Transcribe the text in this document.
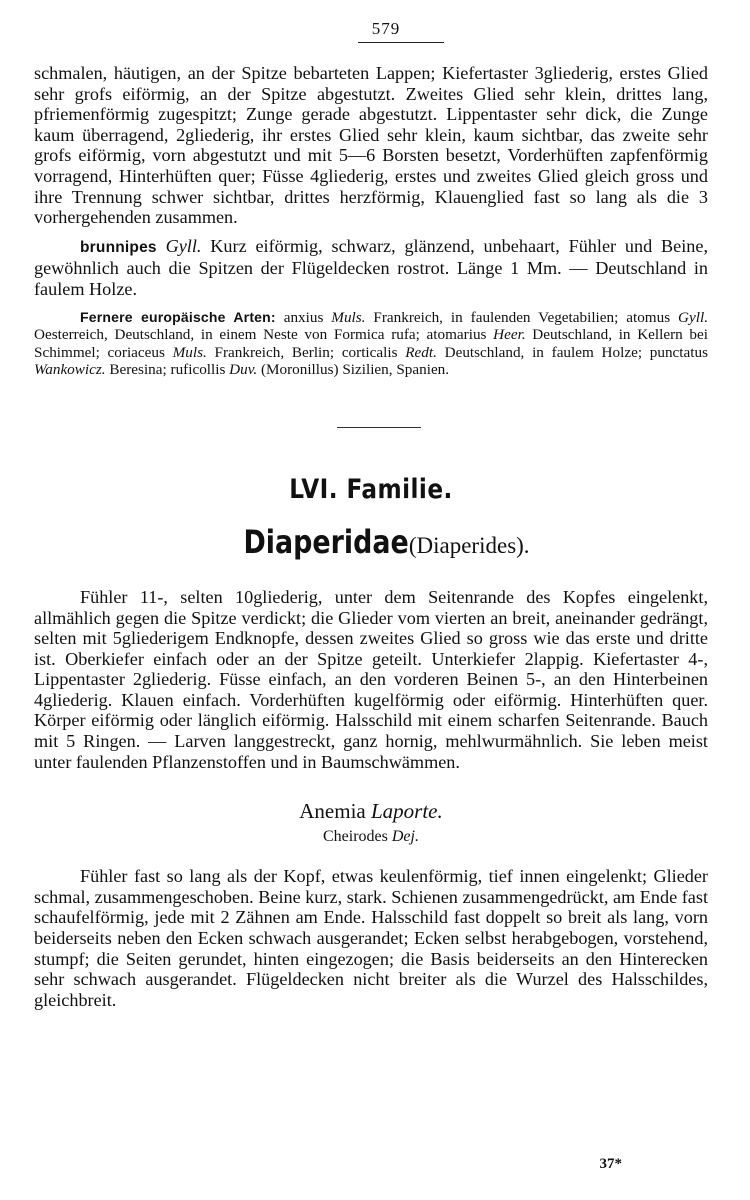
579

schmalen, häutigen, an der Spitze bebarteten Lappen; Kiefertaster 3gliederig, erstes Glied sehr grofs eiförmig, an der Spitze abgestutzt. Zweites Glied sehr klein, drittes lang, pfriemenförmig zugespitzt; Zunge gerade abgestutzt. Lippentaster sehr dick, die Zunge kaum überragend, 2gliederig, ihr erstes Glied sehr klein, kaum sichtbar, das zweite sehr grofs eiförmig, vorn abgestutzt und mit 5—6 Borsten besetzt, Vorderhüften zapfenförmig vorragend, Hinterhüften quer; Füsse 4gliederig, erstes und zweites Glied gleich gross und ihre Trennung schwer sichtbar, drittes herzförmig, Klauenglied fast so lang als die 3 vorhergehenden zusammen.

brunnipes Gyll. Kurz eiförmig, schwarz, glänzend, unbehaart, Fühler und Beine, gewöhnlich auch die Spitzen der Flügeldecken rostrot. Länge 1 Mm. — Deutschland in faulem Holze.

Fernere europäische Arten: anxius Muls. Frankreich, in faulenden Vegetabilien; atomus Gyll. Oesterreich, Deutschland, in einem Neste von Formica rufa; atomarius Heer. Deutschland, in Kellern bei Schimmel; coriaceus Muls. Frankreich, Berlin; corticalis Redt. Deutschland, in faulem Holze; punctatus Wankowicz. Beresina; ruficollis Duv. (Moronillus) Sizilien, Spanien.

LVI. Familie.
Diaperidae (Diaperides).

Fühler 11-, selten 10gliederig, unter dem Seitenrande des Kopfes eingelenkt, allmählich gegen die Spitze verdickt; die Glieder vom vierten an breit, aneinander gedrängt, selten mit 5gliederigem Endknopfe, dessen zweites Glied so gross wie das erste und dritte ist. Oberkiefer einfach oder an der Spitze geteilt. Unterkiefer 2lappig. Kiefertaster 4-, Lippentaster 2gliederig. Füsse einfach, an den vorderen Beinen 5-, an den Hinterbeinen 4gliederig. Klauen einfach. Vorderhüften kugelförmig oder eiförmig. Hinterhüften quer. Körper eiförmig oder länglich eiförmig. Halsschild mit einem scharfen Seitenrande. Bauch mit 5 Ringen. — Larven langgestreckt, ganz hornig, mehlwurmähnlich. Sie leben meist unter faulenden Pflanzenstoffen und in Baumschwämmen.

Anemia Laporte.
Cheirodes Dej.

Fühler fast so lang als der Kopf, etwas keulenförmig, tief innen eingelenkt; Glieder schmal, zusammengeschoben. Beine kurz, stark. Schienen zusammengedrückt, am Ende fast schaufelförmig, jede mit 2 Zähnen am Ende. Halsschild fast doppelt so breit als lang, vorn beiderseits neben den Ecken schwach ausgerandet; Ecken selbst herabgebogen, vorstehend, stumpf; die Seiten gerundet, hinten eingezogen; die Basis beiderseits an den Hinterecken sehr schwach ausgerandet. Flügeldecken nicht breiter als die Wurzel des Halsschildes, gleichbreit.

37*
